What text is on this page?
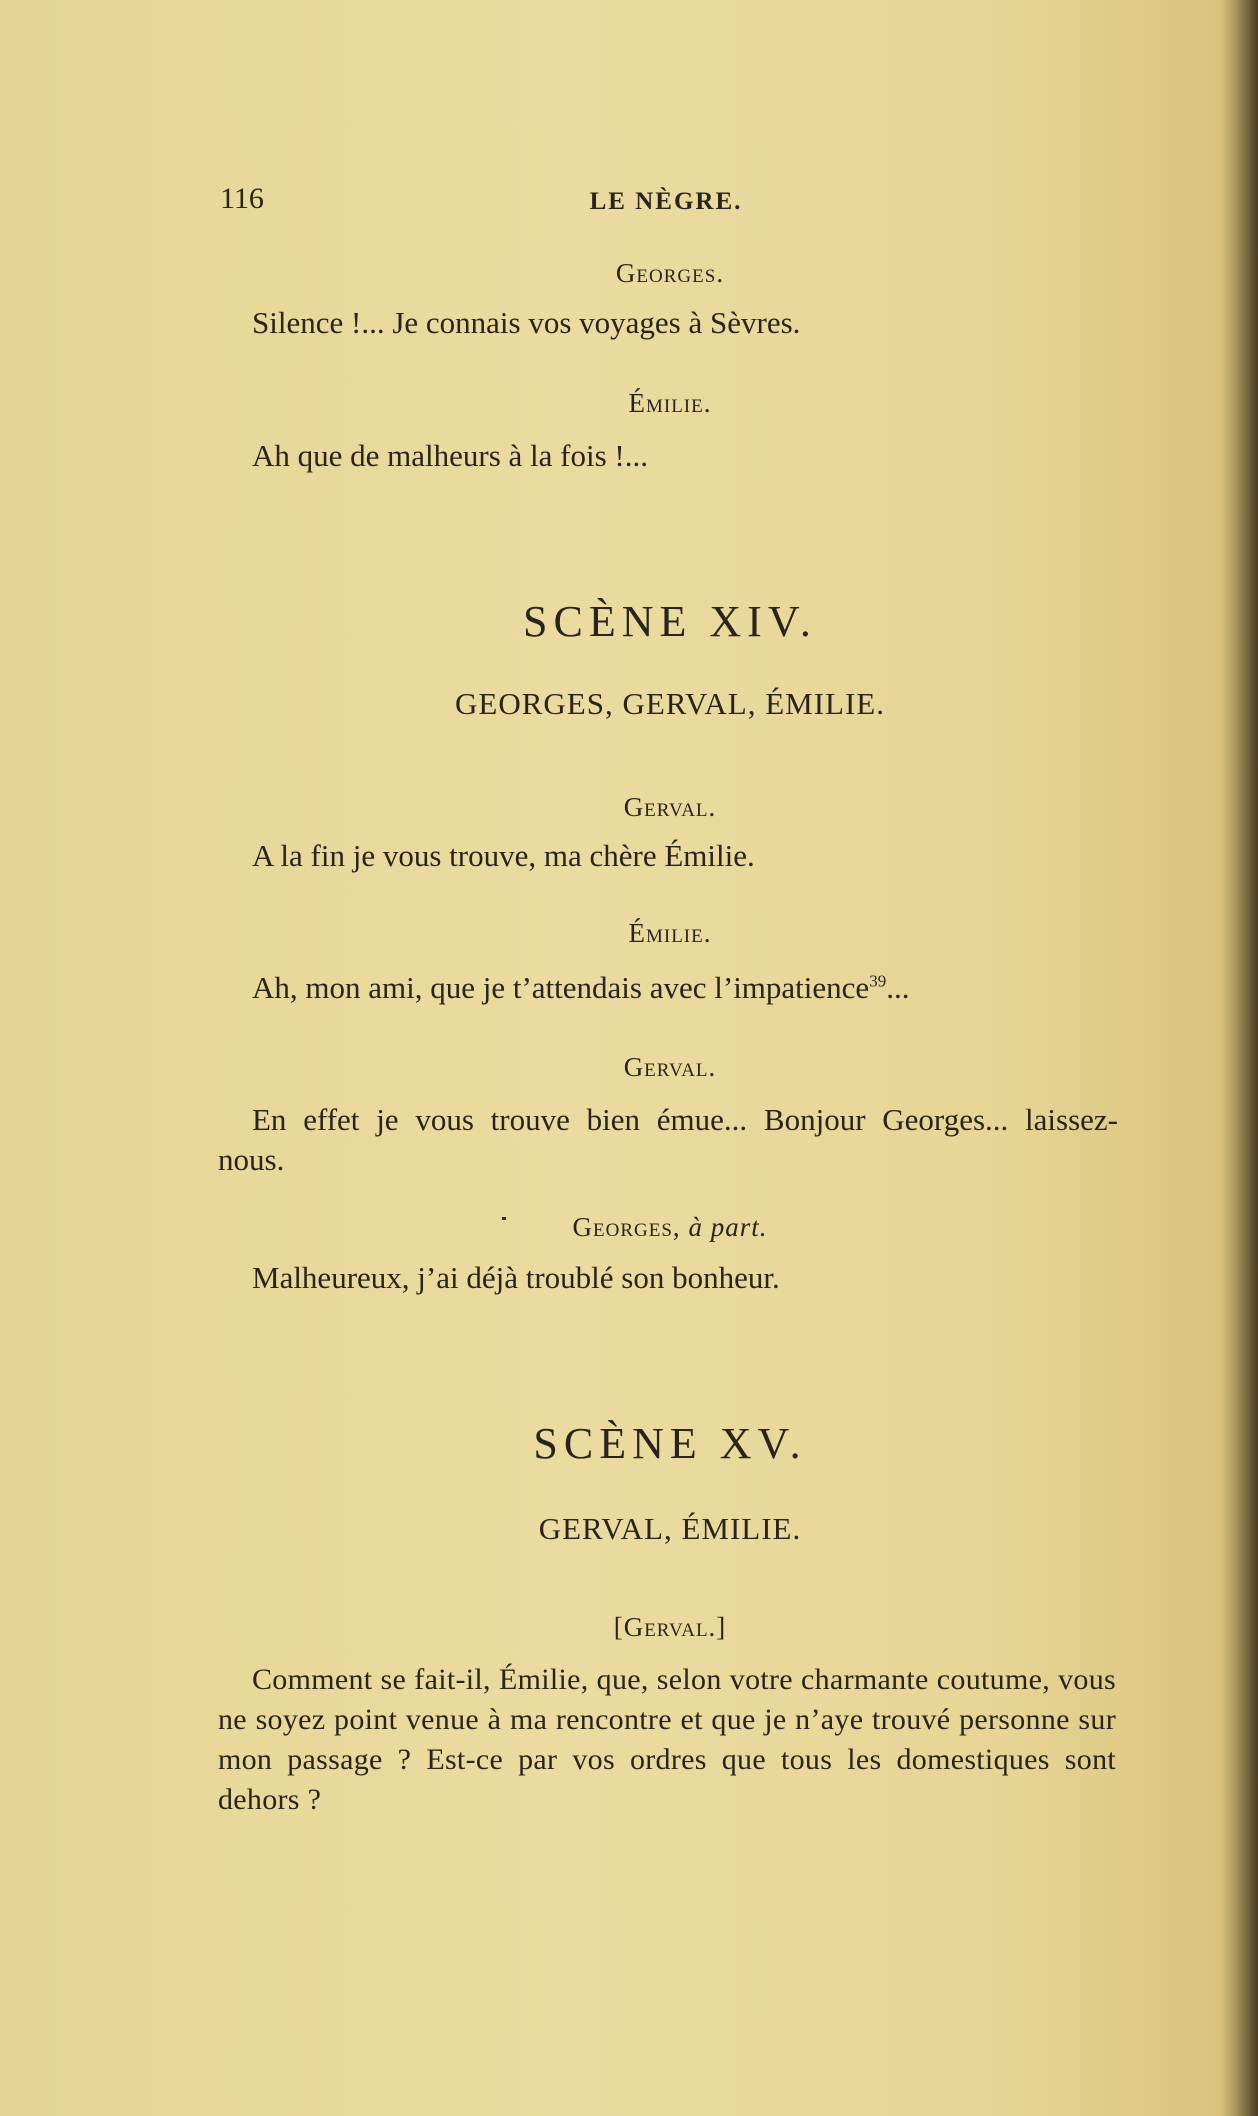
116	LE NÈGRE.
Georges.
Silence !... Je connais vos voyages à Sèvres.
Émilie.
Ah que de malheurs à la fois !...
SCÈNE XIV.
GEORGES, GERVAL, ÉMILIE.
Gerval.
A la fin je vous trouve, ma chère Émilie.
Émilie.
Ah, mon ami, que je t’attendais avec l’impatience$^{39}$...
Gerval.
En effet je vous trouve bien émue... Bonjour Georges... laissez-
nous.
Georges, à part.
Malheureux, j’ai déjà troublé son bonheur.
SCÈNE XV.
GERVAL, ÉMILIE.
[Gerval.]
Comment se fait-il, Émilie, que, selon votre charmante coutume, vous ne soyez point venue à ma rencontre et que je n’aye trouvé personne sur mon passage ? Est-ce par vos ordres que tous les domestiques sont dehors ?
